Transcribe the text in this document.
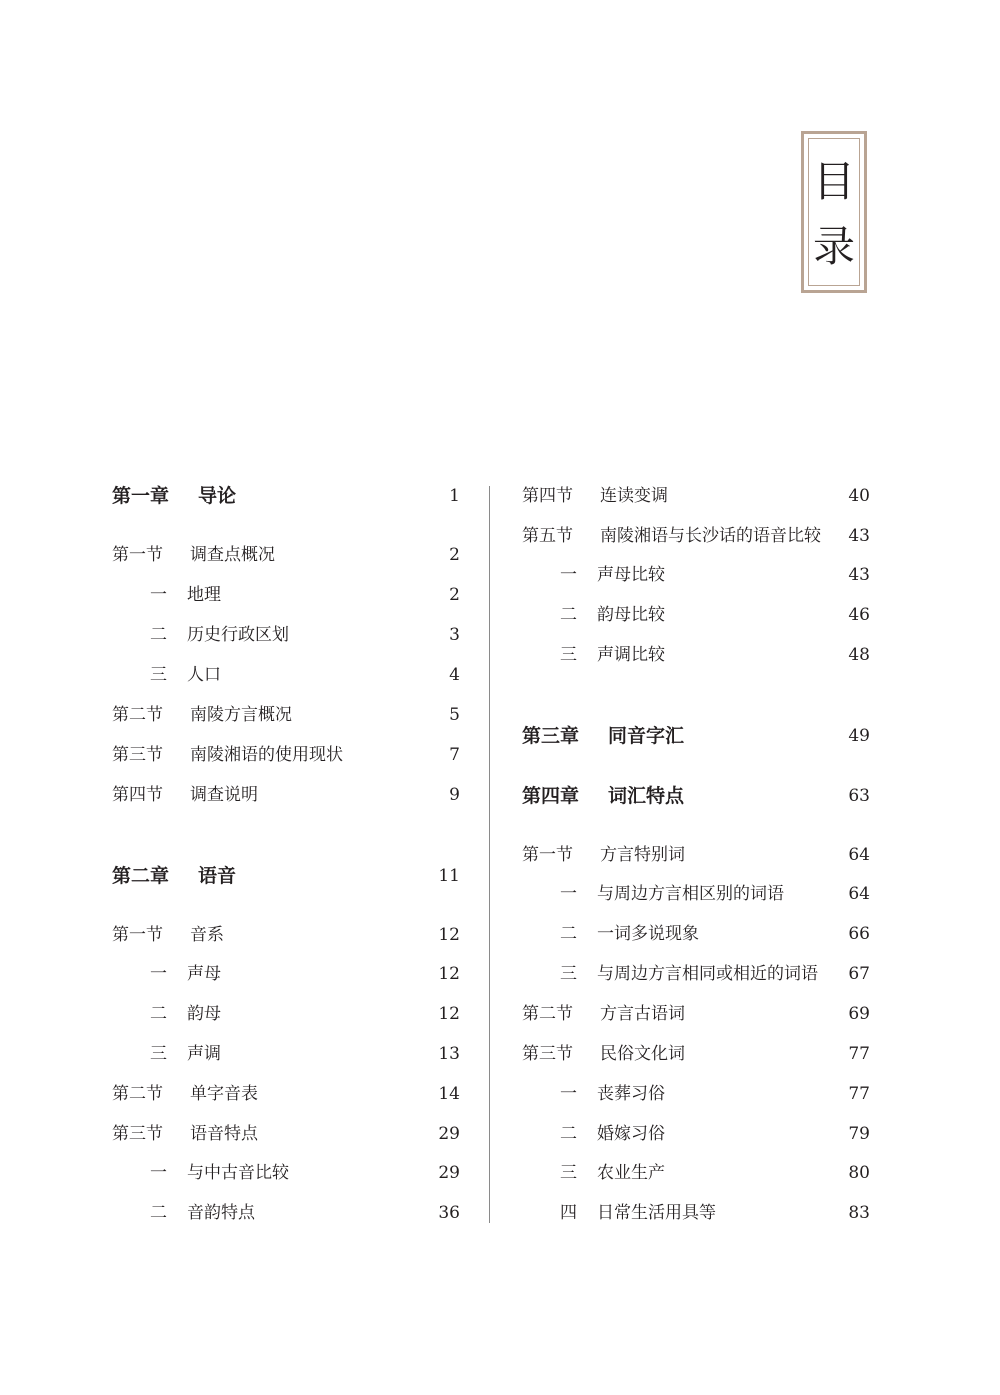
目
录
第一章 导论	1
第一节 调查点概况	2
一 地理	2
二 历史行政区划	3
三 人口	4
第二节 南陵方言概况	5
第三节 南陵湘语的使用现状	7
第四节 调查说明	9
第二章 语音	11
第一节 音系	12
一 声母	12
二 韵母	12
三 声调	13
第二节 单字音表	14
第三节 语音特点	29
一 与中古音比较	29
二 音韵特点	36
第四节 连读变调	40
第五节 南陵湘语与长沙话的语音比较 43
一 声母比较	43
二 韵母比较	46
三 声调比较	48
第三章 同音字汇	49
第四章 词汇特点	63
第一节 方言特别词	64
一 与周边方言相区别的词语	64
二 一词多说现象	66
三 与周边方言相同或相近的词语 67
第二节 方言古语词	69
第三节 民俗文化词	77
一 丧葬习俗	77
二 婚嫁习俗	79
三 农业生产	80
四 日常生活用具等	83
